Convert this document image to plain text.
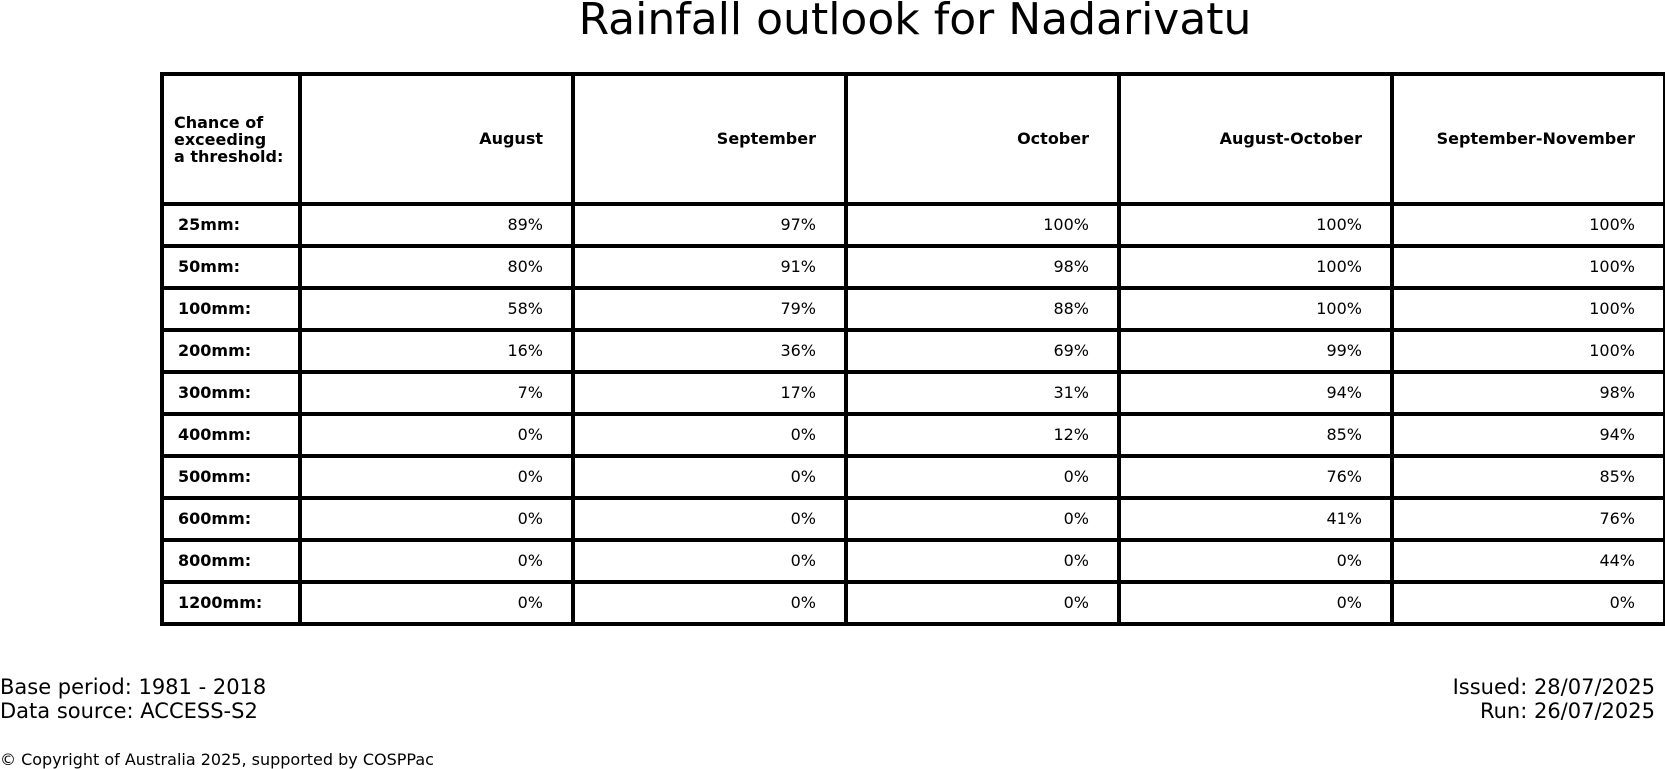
Rainfall outlook for Nadarivatu
Chance of
exceeding
a threshold:	August	September	October	August-October	September-November
25mm:	89%	97%	100%	100%	100%
50mm:	80%	91%	98%	100%	100%
100mm:	58%	79%	88%	100%	100%
200mm:	16%	36%	69%	99%	100%
300mm:	7%	17%	31%	94%	98%
400mm:	0%	0%	12%	85%	94%
500mm:	0%	0%	0%	76%	85%
600mm:	0%	0%	0%	41%	76%
800mm:	0%	0%	0%	0%	44%
1200mm:	0%	0%	0%	0%	0%
Base period: 1981 - 2018
Data source: ACCESS-S2
Issued: 28/07/2025
Run: 26/07/2025
© Copyright of Australia 2025, supported by COSPPac
